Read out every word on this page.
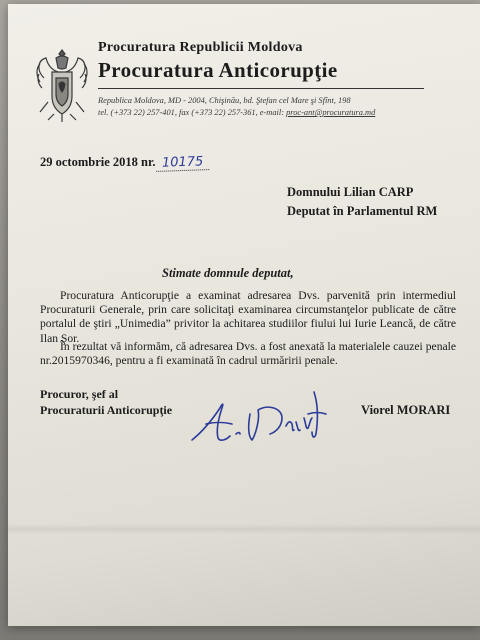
Procuratura Republicii Moldova
Procuratura Anticorupţie
Republica Moldova, MD - 2004, Chişinău, bd. Ştefan cel Mare şi Sfînt, 198
tel. (+373 22) 257-401, fax (+373 22) 257-361, e-mail: proc-ant@procuratura.md
29 octombrie 2018 nr. 10175
Domnului Lilian CARP
Deputat în Parlamentul RM
Stimate domnule deputat,
Procuratura Anticorupţie a examinat adresarea Dvs. parvenită prin intermediul Procuraturii Generale, prin care solicitaţi examinarea circumstanţelor publicate de către portalul de ştiri „Unimedia” privitor la achitarea studiilor fiului lui Iurie Leancă, de către Ilan Şor.
În rezultat vă informăm, că adresarea Dvs. a fost anexată la materialele cauzei penale nr.2015970346, pentru a fi examinată în cadrul urmăririi penale.
Procuror, şef al
Procuraturii Anticorupţie	Viorel MORARI
